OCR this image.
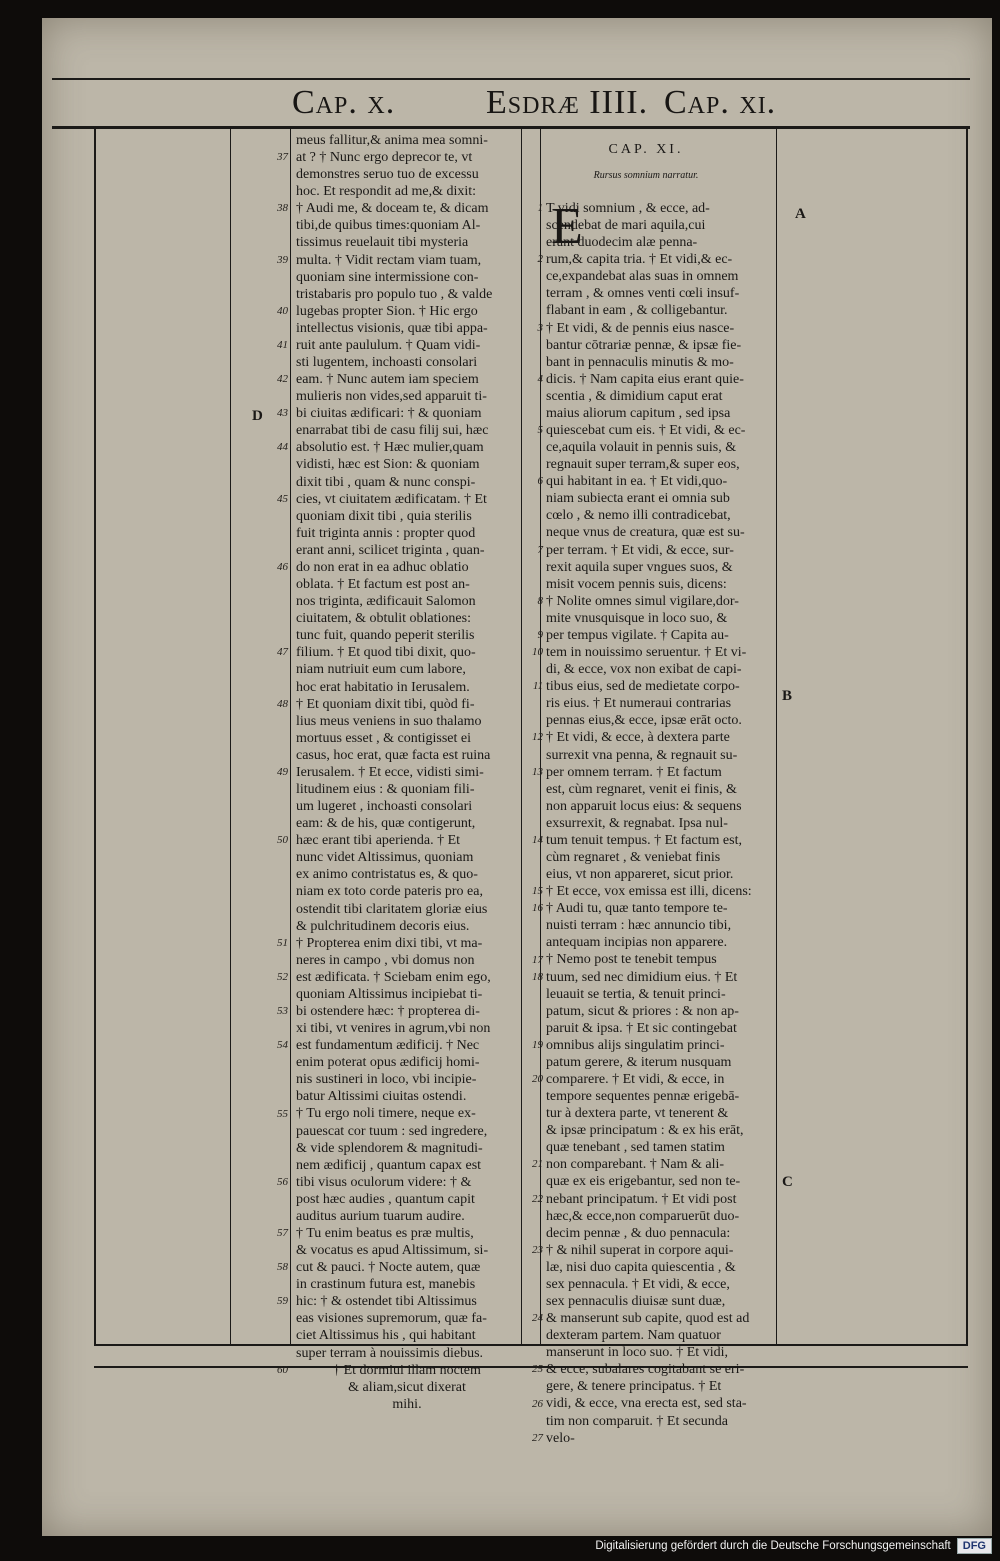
Cap. x.	Esdræ IIII. Cap. xi.
meus fallitur,& anima mea somni-
at ? † Nunc ergo deprecor te, vt
demonstres seruo tuo de excessu
hoc. Et respondit ad me,& dixit:
† Audi me, & doceam te, & dicam
tibi,de quibus times:quoniam Al-
tissimus reuelauit tibi mysteria
multa. † Vidit rectam viam tuam,
quoniam sine intermissione con-
tristabaris pro populo tuo , & valde
lugebas propter Sion. † Hic ergo
intellectus visionis, quæ tibi appa-
ruit ante paululum. † Quam vidi-
sti lugentem, inchoasti consolari
eam. † Nunc autem iam speciem
mulieris non vides,sed apparuit ti-
bi ciuitas ædificari: † & quoniam
enarrabat tibi de casu filij sui, hæc
absolutio est. † Hæc mulier,quam
vidisti, hæc est Sion: & quoniam
dixit tibi , quam & nunc conspi-
cies, vt ciuitatem ædificatam. † Et
quoniam dixit tibi , quia sterilis
fuit triginta annis : propter quod
erant anni, scilicet triginta , quan-
do non erat in ea adhuc oblatio
oblata. † Et factum est post an-
nos triginta, ædificauit Salomon
ciuitatem, & obtulit oblationes:
tunc fuit, quando peperit sterilis
filium. † Et quod tibi dixit, quo-
niam nutriuit eum cum labore,
hoc erat habitatio in Ierusalem.
† Et quoniam dixit tibi, quòd fi-
lius meus veniens in suo thalamo
mortuus esset , & contigisset ei
casus, hoc erat, quæ facta est ruina
Ierusalem. † Et ecce, vidisti simi-
litudinem eius : & quoniam fili-
um lugeret , inchoasti consolari
eam: & de his, quæ contigerunt,
hæc erant tibi aperienda. † Et
nunc videt Altissimus, quoniam
ex animo contristatus es, & quo-
niam ex toto corde pateris pro ea,
ostendit tibi claritatem gloriæ eius
& pulchritudinem decoris eius.
† Propterea enim dixi tibi, vt ma-
neres in campo , vbi domus non
est ædificata. † Sciebam enim ego,
quoniam Altissimus incipiebat ti-
bi ostendere hæc: † propterea di-
xi tibi, vt venires in agrum,vbi non
est fundamentum ædificij. † Nec
enim poterat opus ædificij homi-
nis sustineri in loco, vbi incipie-
batur Altissimi ciuitas ostendi.
† Tu ergo noli timere, neque ex-
pauescat cor tuum : sed ingredere,
& vide splendorem & magnitudi-
nem ædificij , quantum capax est
tibi visus oculorum videre: † &
post hæc audies , quantum capit
auditus aurium tuarum audire.
† Tu enim beatus es præ multis,
& vocatus es apud Altissimum, si-
cut & pauci. † Nocte autem, quæ
in crastinum futura est, manebis
hic: † & ostendet tibi Altissimus
eas visiones supremorum, quæ fa-
ciet Altissimus his , qui habitant
super terram à nouissimis diebus.
† Et dormiui illam noctem
& aliam,sicut dixerat
mihi.
37
38
39
40
41
42
43
44
45
46
47
48
49
50
51
52
53
54
55
56
57
58
59
60
D
CAP. XI.
Rursus somnium narratur.
E
T vidi somnium , & ecce, ad-
scendebat de mari aquila,cui
erant duodecim alæ penna-
rum,& capita tria. † Et vidi,& ec-
ce,expandebat alas suas in omnem
terram , & omnes venti cœli insuf-
flabant in eam , & colligebantur.
† Et vidi, & de pennis eius nasce-
bantur cōtrariæ pennæ, & ipsæ fie-
bant in pennaculis minutis & mo-
dicis. † Nam capita eius erant quie-
scentia , & dimidium caput erat
maius aliorum capitum , sed ipsa
quiescebat cum eis. † Et vidi, & ec-
ce,aquila volauit in pennis suis, &
regnauit super terram,& super eos,
qui habitant in ea. † Et vidi,quo-
niam subiecta erant ei omnia sub
cœlo , & nemo illi contradicebat,
neque vnus de creatura, quæ est su-
per terram. † Et vidi, & ecce, sur-
rexit aquila super vngues suos, &
misit vocem pennis suis, dicens:
† Nolite omnes simul vigilare,dor-
mite vnusquisque in loco suo, &
per tempus vigilate. † Capita au-
tem in nouissimo seruentur. † Et vi-
di, & ecce, vox non exibat de capi-
tibus eius, sed de medietate corpo-
ris eius. † Et numeraui contrarias
pennas eius,& ecce, ipsæ erāt octo.
† Et vidi, & ecce, à dextera parte
surrexit vna penna, & regnauit su-
per omnem terram. † Et factum
est, cùm regnaret, venit ei finis, &
non apparuit locus eius: & sequens
exsurrexit, & regnabat. Ipsa nul-
tum tenuit tempus. † Et factum est,
cùm regnaret , & veniebat finis
eius, vt non appareret, sicut prior.
† Et ecce, vox emissa est illi, dicens:
† Audi tu, quæ tanto tempore te-
nuisti terram : hæc annuncio tibi,
antequam incipias non apparere.
† Nemo post te tenebit tempus
tuum, sed nec dimidium eius. † Et
leuauit se tertia, & tenuit princi-
patum, sicut & priores : & non ap-
paruit & ipsa. † Et sic contingebat
omnibus alijs singulatim princi-
patum gerere, & iterum nusquam
comparere. † Et vidi, & ecce, in
tempore sequentes pennæ erigebā-
tur à dextera parte, vt tenerent &
& ipsæ principatum : & ex his erāt,
quæ tenebant , sed tamen statim
non comparebant. † Nam & ali-
quæ ex eis erigebantur, sed non te-
nebant principatum. † Et vidi post
hæc,& ecce,non comparuerūt duo-
decim pennæ , & duo pennacula:
† & nihil superat in corpore aqui-
læ, nisi duo capita quiescentia , &
sex pennacula. † Et vidi, & ecce,
sex pennaculis diuisæ sunt duæ,
& manserunt sub capite, quod est ad
dexteram partem. Nam quatuor
manserunt in loco suo. † Et vidi,
& ecce, subalares cogitabant se eri-
gere, & tenere principatus. † Et
vidi, & ecce, vna erecta est, sed sta-
tim non comparuit. † Et secunda
velo-
1
2
3
4
5
6
7
8
9
10
11
12
13
14
15
16
17
18
19
20
21
22
23
24
25
26
27
A
B
C
Digitalisierung gefördert durch die Deutsche Forschungsgemeinschaft	DFG
